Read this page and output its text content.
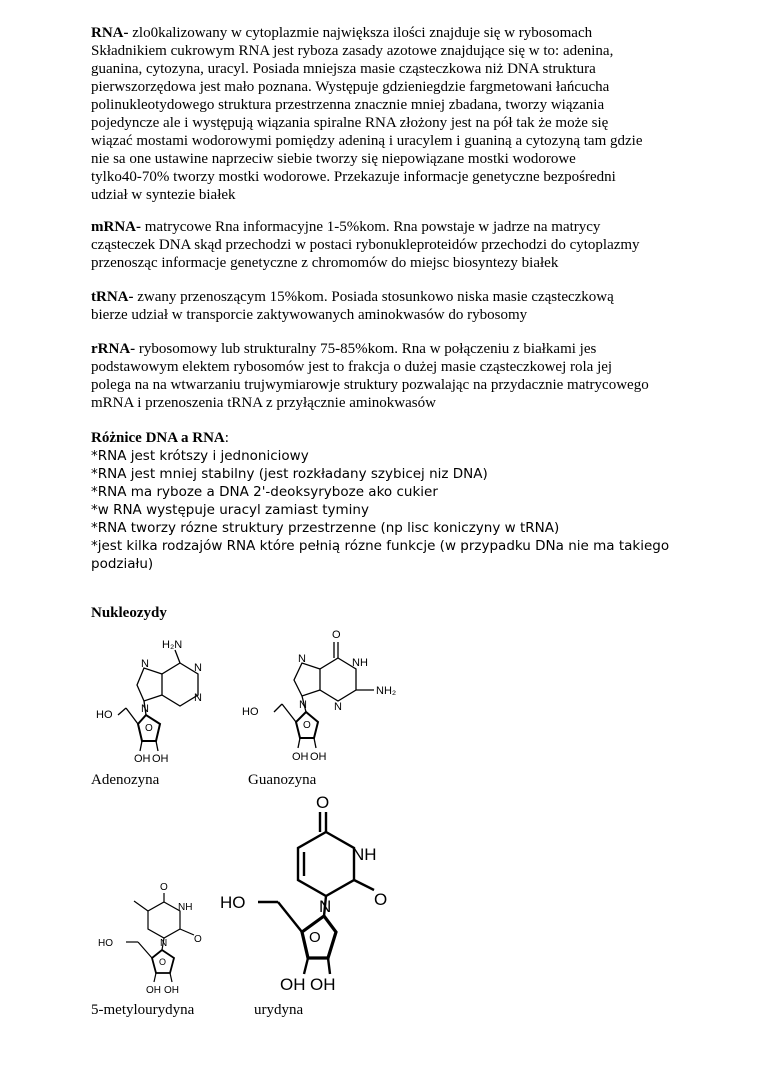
RNA- zlo0kalizowany w cytoplazmie największa ilości znajduje się w rybosomach
Składnikiem cukrowym RNA jest ryboza zasady azotowe znajdujące się w to: adenina,
guanina, cytozyna, uracyl. Posiada mniejsza masie cząsteczkowa niż DNA struktura
pierwszorzędowa jest mało poznana. Występuje gdzieniegdzie fargmetowani łańcucha
polinukleotydowego struktura przestrzenna znacznie mniej zbadana, tworzy wiązania
pojedyncze ale i występują wiązania spiralne RNA złożony jest na pół tak że może się
wiązać mostami wodorowymi pomiędzy adeniną i uracylem i guaniną a cytozyną tam gdzie
nie sa one ustawine naprzeciw siebie tworzy się niepowiązane mostki wodorowe
tylko40-70% tworzy mostki wodorowe. Przekazuje informacje genetyczne bezpośredni
udział w syntezie białek

mRNA- matrycowe Rna informacyjne 1-5%kom. Rna powstaje w jadrze na matrycy
cząsteczek DNA skąd przechodzi w postaci rybonukleproteidów przechodzi do cytoplazmy
przenosząc informacje genetyczne z chromomów do miejsc biosyntezy białek

tRNA- zwany przenoszącym 15%kom. Posiada stosunkowo niska masie cząsteczkową
bierze udział w transporcie zaktywowanych aminokwasów do rybosomy

rRNA- rybosomowy lub strukturalny 75-85%kom. Rna w połączeniu z białkami jes
podstawowym elektem rybosomów jest to frakcja o dużej masie cząsteczkowej rola jej
polega na na wtwarzaniu trujwymiarowje struktury pozwalając na przydacznie matrycowego
mRNA i przenoszenia tRNA z przyłącznie aminokwasów

Różnice DNA a RNA:
*RNA jest krótszy i jednoniciowy
*RNA jest mniej stabilny (jest rozkładany szybicej niz DNA)
*RNA ma ryboze a DNA 2'-deoksyryboze ako cukier
*w RNA występuje uracyl zamiast tyminy
*RNA tworzy rózne struktury przestrzenne (np lisc koniczyny w tRNA)
*jest kilka rodzajów RNA które pełnią rózne funkcje (w przypadku DNa nie ma takiego
podziału)

Nukleozydy

H₂N
N
N
N
N
O
HO
OH OH

Adenozyna

O
NH
NH₂
N
N
N
O
HO
OH OH

Guanozyna

O
NH
O
N
O
HO
OH OH

5-metylourydyna

O
NH
O
N
O
HO
OH OH

urydyna
